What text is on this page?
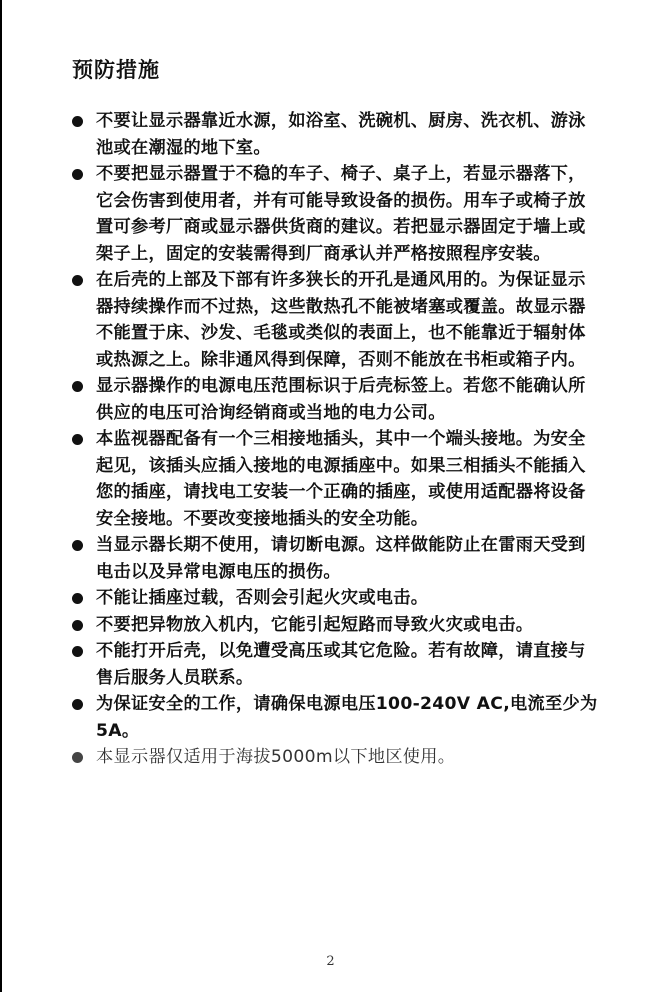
预防措施
不要让显示器靠近水源，如浴室、洗碗机、厨房、洗衣机、游泳池或在潮湿的地下室。
不要把显示器置于不稳的车子、椅子、桌子上，若显示器落下，它会伤害到使用者，并有可能导致设备的损伤。用车子或椅子放置可参考厂商或显示器供货商的建议。若把显示器固定于墙上或架子上，固定的安装需得到厂商承认并严格按照程序安装。
在后壳的上部及下部有许多狭长的开孔是通风用的。为保证显示器持续操作而不过热，这些散热孔不能被堵塞或覆盖。故显示器不能置于床、沙发、毛毯或类似的表面上，也不能靠近于辐射体或热源之上。除非通风得到保障，否则不能放在书柜或箱子内。
显示器操作的电源电压范围标识于后壳标签上。若您不能确认所供应的电压可洽询经销商或当地的电力公司。
本监视器配备有一个三相接地插头，其中一个端头接地。为安全起见，该插头应插入接地的电源插座中。如果三相插头不能插入您的插座，请找电工安装一个正确的插座，或使用适配器将设备安全接地。不要改变接地插头的安全功能。
当显示器长期不使用，请切断电源。这样做能防止在雷雨天受到电击以及异常电源电压的损伤。
不能让插座过载，否则会引起火灾或电击。
不要把异物放入机内，它能引起短路而导致火灾或电击。
不能打开后壳，以免遭受高压或其它危险。若有故障，请直接与售后服务人员联系。
为保证安全的工作，请确保电源电压100-240V AC,电流至少为5A。
本显示器仅适用于海拔5000m以下地区使用。
2
